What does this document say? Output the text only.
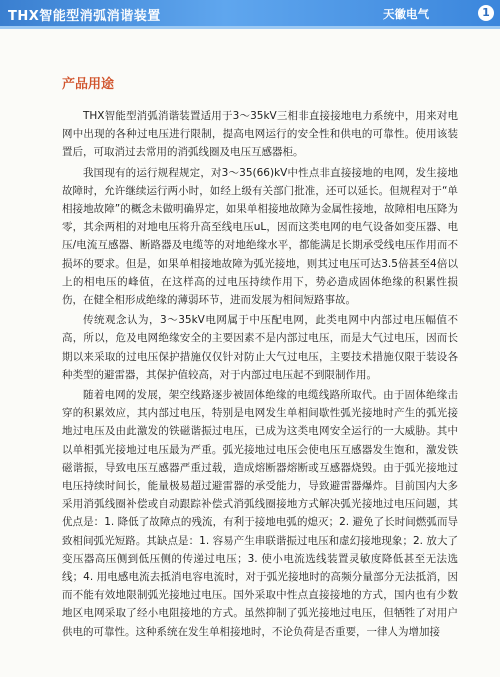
THX智能型消弧消谐装置	天徽电气	1
产品用途

THX智能型消弧消谐装置适用于3～35kV三相非直接接地电力系统中，用来对电网中出现的各种过电压进行限制，提高电网运行的安全性和供电的可靠性。使用该装置后，可取消过去常用的消弧线圈及电压互感器柜。

我国现有的运行规程规定，对3～35(66)kV中性点非直接接地的电网，发生接地故障时，允许继续运行两小时，如经上级有关部门批准，还可以延长。但规程对于“单相接地故障”的概念未做明确界定，如果单相接地故障为金属性接地，故障相电压降为零，其余两相的对地电压将升高至线电压uL，因而这类电网的电气设备如变压器、电压/电流互感器、断路器及电缆等的对地绝缘水平，都能满足长期承受线电压作用而不损坏的要求。但是，如果单相接地故障为弧光接地，则其过电压可达3.5倍甚至4倍以上的相电压的峰值，在这样高的过电压持续作用下，势必造成固体绝缘的积累性损伤，在健全相形成绝缘的薄弱环节，进而发展为相间短路事故。

传统观念认为，3～35kV电网属于中压配电网，此类电网中内部过电压幅值不高，所以，危及电网绝缘安全的主要因素不是内部过电压，而是大气过电压，因而长期以来采取的过电压保护措施仅仅针对防止大气过电压，主要技术措施仅限于装设各种类型的避雷器，其保护值较高，对于内部过电压起不到限制作用。

随着电网的发展，架空线路逐步被固体绝缘的电缆线路所取代。由于固体绝缘击穿的积累效应，其内部过电压，特别是电网发生单相间歇性弧光接地时产生的弧光接地过电压及由此激发的铁磁谐振过电压，已成为这类电网安全运行的一大威胁。其中以单相弧光接地过电压最为严重。弧光接地过电压会使电压互感器发生饱和，激发铁磁谐振，导致电压互感器严重过载，造成熔断器熔断或互感器烧毁。由于弧光接地过电压持续时间长，能量极易超过避雷器的承受能力，导致避雷器爆炸。目前国内大多采用消弧线圈补偿或自动跟踪补偿式消弧线圈接地方式解决弧光接地过电压问题，其优点是：1. 降低了故障点的残流，有利于接地电弧的熄灭；2. 避免了长时间燃弧而导致相间弧光短路。其缺点是：1. 容易产生串联谐振过电压和虚幻接地现象；2. 放大了变压器高压侧到低压侧的传递过电压；3. 使小电流选线装置灵敏度降低甚至无法选线；4. 用电感电流去抵消电容电流时，对于弧光接地时的高频分量部分无法抵消，因而不能有效地限制弧光接地过电压。国外采取中性点直接接地的方式，国内也有少数地区电网采取了经小电阻接地的方式。虽然抑制了弧光接地过电压，但牺牲了对用户供电的可靠性。这种系统在发生单相接地时，不论负荷是否重要，一律人为增加接
